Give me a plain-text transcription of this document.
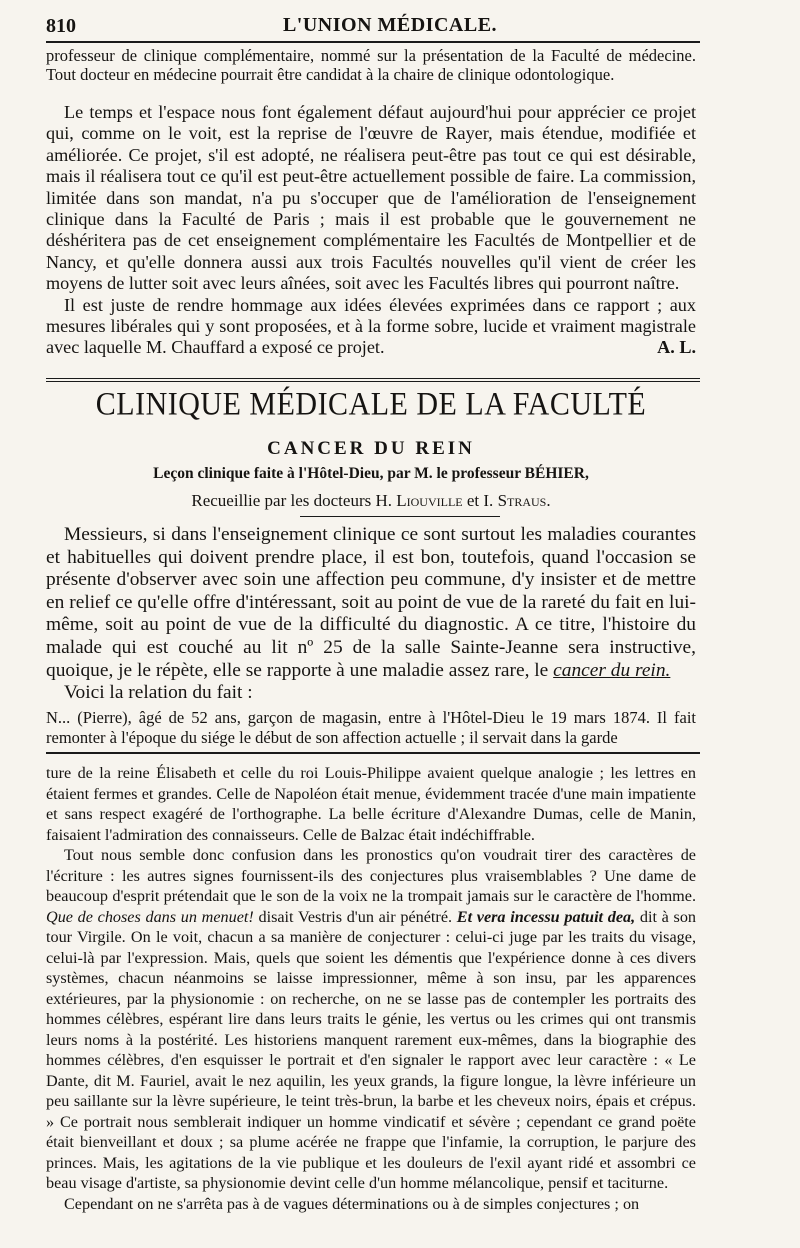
810	L'UNION MÉDICALE.

professeur de clinique complémentaire, nommé sur la présentation de la Faculté de médecine. Tout docteur en médecine pourrait être candidat à la chaire de clinique odontologique.

Le temps et l'espace nous font également défaut aujourd'hui pour apprécier ce projet qui, comme on le voit, est la reprise de l'œuvre de Rayer, mais étendue, modifiée et améliorée. Ce projet, s'il est adopté, ne réalisera peut-être pas tout ce qui est désirable, mais il réalisera tout ce qu'il est peut-être actuellement possible de faire. La commission, limitée dans son mandat, n'a pu s'occuper que de l'amélioration de l'enseignement clinique dans la Faculté de Paris ; mais il est probable que le gouvernement ne déshéritera pas de cet enseignement complémentaire les Facultés de Montpellier et de Nancy, et qu'elle donnera aussi aux trois Facultés nouvelles qu'il vient de créer les moyens de lutter soit avec leurs aînées, soit avec les Facultés libres qui pourront naître.

Il est juste de rendre hommage aux idées élevées exprimées dans ce rapport ; aux mesures libérales qui y sont proposées, et à la forme sobre, lucide et vraiment magistrale avec laquelle M. Chauffard a exposé ce projet.	A. L.

CLINIQUE MÉDICALE DE LA FACULTÉ
CANCER DU REIN
Leçon clinique faite à l'Hôtel-Dieu, par M. le professeur BÉHIER,
Recueillie par les docteurs H. Liouville et I. Straus.

Messieurs, si dans l'enseignement clinique ce sont surtout les maladies courantes et habituelles qui doivent prendre place, il est bon, toutefois, quand l'occasion se présente d'observer avec soin une affection peu commune, d'y insister et de mettre en relief ce qu'elle offre d'intéressant, soit au point de vue de la rareté du fait en lui-même, soit au point de vue de la difficulté du diagnostic. A ce titre, l'histoire du malade qui est couché au lit nº 25 de la salle Sainte-Jeanne sera instructive, quoique, je le répète, elle se rapporte à une maladie assez rare, le cancer du rein.

Voici la relation du fait :

N... (Pierre), âgé de 52 ans, garçon de magasin, entre à l'Hôtel-Dieu le 19 mars 1874. Il fait remonter à l'époque du siége le début de son affection actuelle ; il servait dans la garde

ture de la reine Élisabeth et celle du roi Louis-Philippe avaient quelque analogie ; les lettres en étaient fermes et grandes. Celle de Napoléon était menue, évidemment tracée d'une main impatiente et sans respect exagéré de l'orthographe. La belle écriture d'Alexandre Dumas, celle de Manin, faisaient l'admiration des connaisseurs. Celle de Balzac était indéchiffrable.

Tout nous semble donc confusion dans les pronostics qu'on voudrait tirer des caractères de l'écriture : les autres signes fournissent-ils des conjectures plus vraisemblables ? Une dame de beaucoup d'esprit prétendait que le son de la voix ne la trompait jamais sur le caractère de l'homme. Que de choses dans un menuet! disait Vestris d'un air pénétré. Et vera incessu patuit dea, dit à son tour Virgile. On le voit, chacun a sa manière de conjecturer : celui-ci juge par les traits du visage, celui-là par l'expression. Mais, quels que soient les démentis que l'expérience donne à ces divers systèmes, chacun néanmoins se laisse impressionner, même à son insu, par les apparences extérieures, par la physionomie : on recherche, on ne se lasse pas de contempler les portraits des hommes célèbres, espérant lire dans leurs traits le génie, les vertus ou les crimes qui ont transmis leurs noms à la postérité. Les historiens manquent rarement eux-mêmes, dans la biographie des hommes célèbres, d'en esquisser le portrait et d'en signaler le rapport avec leur caractère : « Le Dante, dit M. Fauriel, avait le nez aquilin, les yeux grands, la figure longue, la lèvre inférieure un peu saillante sur la lèvre supérieure, le teint très-brun, la barbe et les cheveux noirs, épais et crépus. » Ce portrait nous semblerait indiquer un homme vindicatif et sévère ; cependant ce grand poëte était bienveillant et doux ; sa plume acérée ne frappe que l'infamie, la corruption, le parjure des princes. Mais, les agitations de la vie publique et les douleurs de l'exil ayant ridé et assombri ce beau visage d'artiste, sa physionomie devint celle d'un homme mélancolique, pensif et taciturne.

Cependant on ne s'arrêta pas à de vagues déterminations ou à de simples conjectures ; on
